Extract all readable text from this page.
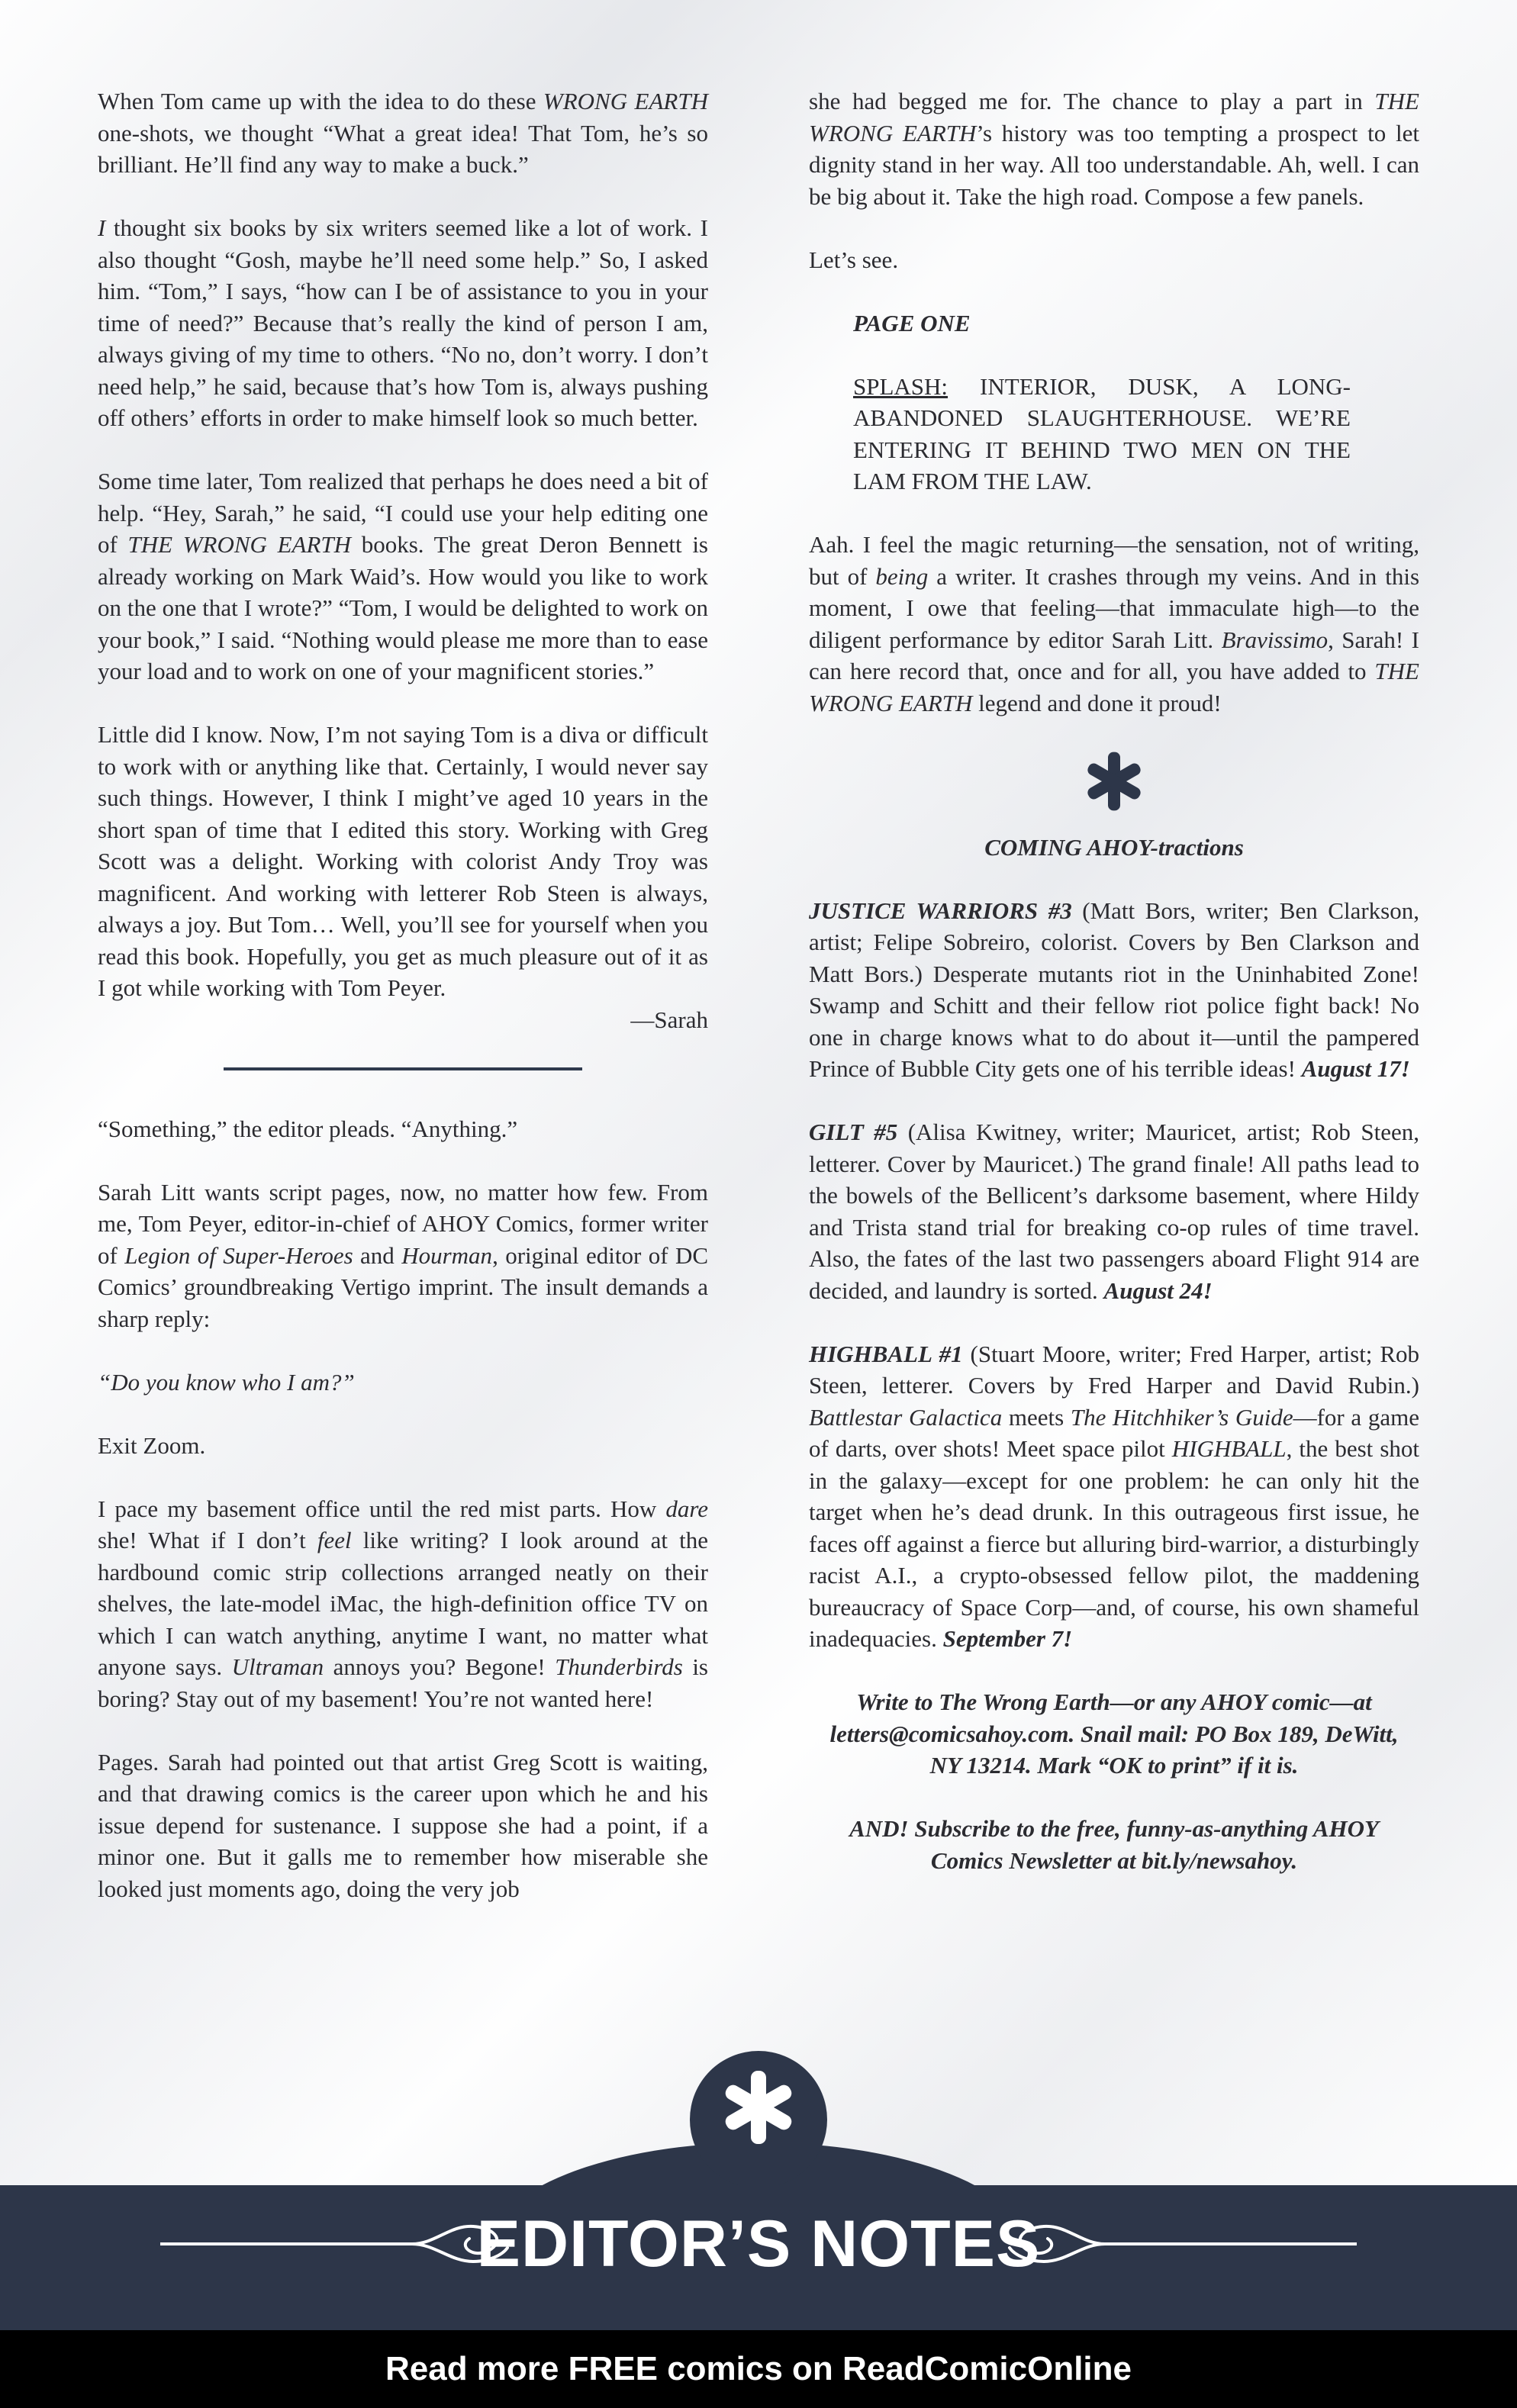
When Tom came up with the idea to do these WRONG EARTH one-shots, we thought “What a great idea! That Tom, he’s so brilliant. He’ll find any way to make a buck.”

I thought six books by six writers seemed like a lot of work. I also thought “Gosh, maybe he’ll need some help.” So, I asked him. “Tom,” I says, “how can I be of assistance to you in your time of need?” Because that’s really the kind of person I am, always giving of my time to others. “No no, don’t worry. I don’t need help,” he said, because that’s how Tom is, always pushing off others’ efforts in order to make himself look so much better.

Some time later, Tom realized that perhaps he does need a bit of help. “Hey, Sarah,” he said, “I could use your help editing one of THE WRONG EARTH books. The great Deron Bennett is already working on Mark Waid’s. How would you like to work on the one that I wrote?” “Tom, I would be delighted to work on your book,” I said. “Nothing would please me more than to ease your load and to work on one of your magnificent stories.”

Little did I know. Now, I’m not saying Tom is a diva or difficult to work with or anything like that. Certainly, I would never say such things. However, I think I might’ve aged 10 years in the short span of time that I edited this story. Working with Greg Scott was a delight. Working with colorist Andy Troy was magnificent. And working with letterer Rob Steen is always, always a joy. But Tom… Well, you’ll see for yourself when you read this book. Hopefully, you get as much pleasure out of it as I got while working with Tom Peyer.

—Sarah

“Something,” the editor pleads. “Anything.”

Sarah Litt wants script pages, now, no matter how few. From me, Tom Peyer, editor-in-chief of AHOY Comics, former writer of Legion of Super-Heroes and Hourman, original editor of DC Comics’ groundbreaking Vertigo imprint. The insult demands a sharp reply:

“Do you know who I am?”

Exit Zoom.

I pace my basement office until the red mist parts. How dare she! What if I don’t feel like writing? I look around at the hardbound comic strip collections arranged neatly on their shelves, the late-model iMac, the high-definition office TV on which I can watch anything, anytime I want, no matter what anyone says. Ultraman annoys you? Begone! Thunderbirds is boring? Stay out of my basement! You’re not wanted here!

Pages. Sarah had pointed out that artist Greg Scott is waiting, and that drawing comics is the career upon which he and his issue depend for sustenance. I suppose she had a point, if a minor one. But it galls me to remember how miserable she looked just moments ago, doing the very job

she had begged me for. The chance to play a part in THE WRONG EARTH’s history was too tempting a prospect to let dignity stand in her way. All too understandable. Ah, well. I can be big about it. Take the high road. Compose a few panels.

Let’s see.

PAGE ONE

SPLASH: INTERIOR, DUSK, A LONG-ABANDONED SLAUGHTERHOUSE. WE’RE ENTERING IT BEHIND TWO MEN ON THE LAM FROM THE LAW.

Aah. I feel the magic returning—the sensation, not of writing, but of being a writer. It crashes through my veins. And in this moment, I owe that feeling—that immaculate high—to the diligent performance by editor Sarah Litt. Bravissimo, Sarah! I can here record that, once and for all, you have added to THE WRONG EARTH legend and done it proud!

COMING AHOY-tractions

JUSTICE WARRIORS #3 (Matt Bors, writer; Ben Clarkson, artist; Felipe Sobreiro, colorist. Covers by Ben Clarkson and Matt Bors.) Desperate mutants riot in the Uninhabited Zone! Swamp and Schitt and their fellow riot police fight back! No one in charge knows what to do about it—until the pampered Prince of Bubble City gets one of his terrible ideas! August 17!

GILT #5 (Alisa Kwitney, writer; Mauricet, artist; Rob Steen, letterer. Cover by Mauricet.) The grand finale! All paths lead to the bowels of the Bellicent’s darksome basement, where Hildy and Trista stand trial for breaking co-op rules of time travel. Also, the fates of the last two passengers aboard Flight 914 are decided, and laundry is sorted. August 24!

HIGHBALL #1 (Stuart Moore, writer; Fred Harper, artist; Rob Steen, letterer. Covers by Fred Harper and David Rubin.) Battlestar Galactica meets The Hitchhiker’s Guide—for a game of darts, over shots! Meet space pilot HIGHBALL, the best shot in the galaxy—except for one problem: he can only hit the target when he’s dead drunk. In this outrageous first issue, he faces off against a fierce but alluring bird-warrior, a disturbingly racist A.I., a crypto-obsessed fellow pilot, the maddening bureaucracy of Space Corp—and, of course, his own shameful inadequacies. September 7!

Write to The Wrong Earth—or any AHOY comic—at letters@comicsahoy.com. Snail mail: PO Box 189, DeWitt, NY 13214. Mark “OK to print” if it is.

AND! Subscribe to the free, funny-as-anything AHOY Comics Newsletter at bit.ly/newsahoy.

EDITOR’S NOTES
Read more FREE comics on ReadComicOnline
